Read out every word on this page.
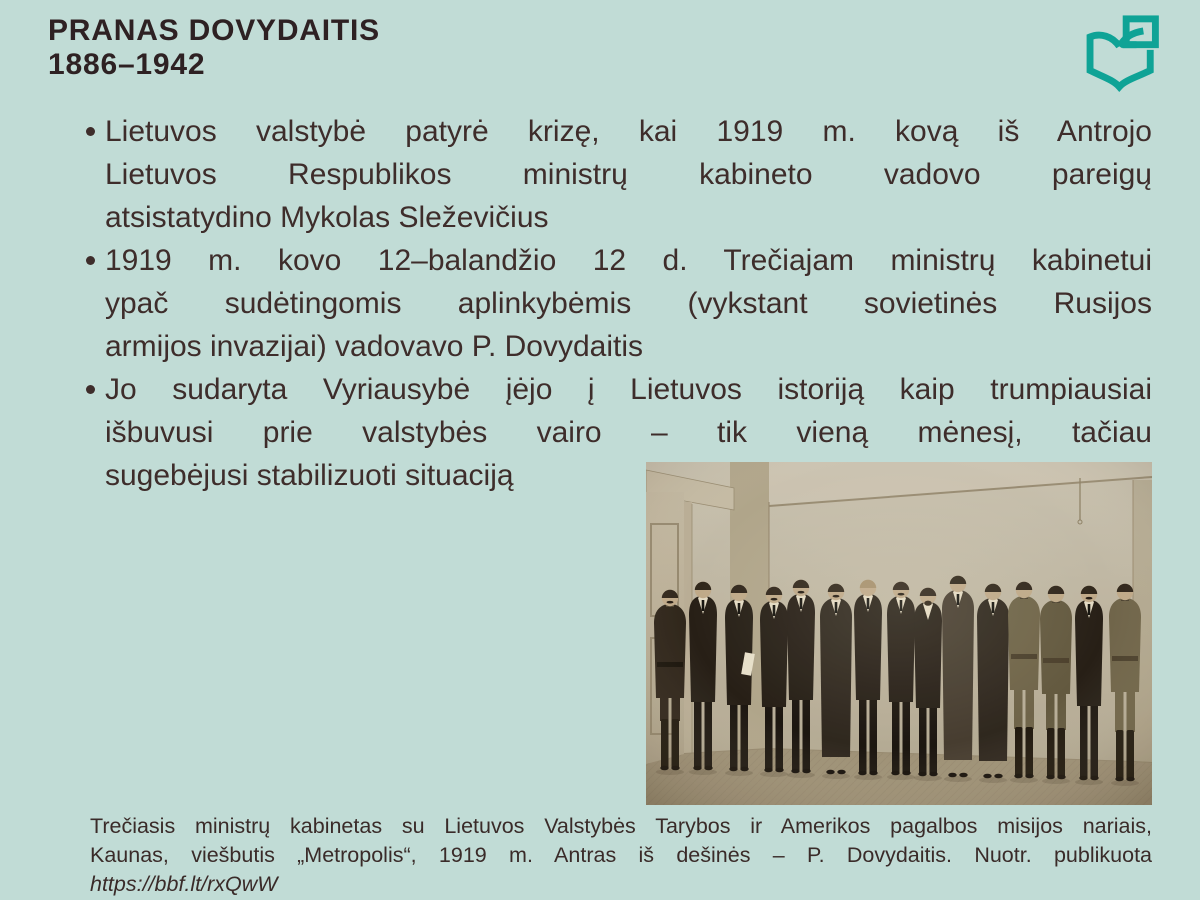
PRANAS DOVYDAITIS
1886–1942
Lietuvos valstybė patyrė krizę, kai 1919 m. kovą iš Antrojo
Lietuvos Respublikos ministrų kabineto vadovo pareigų
atsistatydino Mykolas Sleževičius
1919 m. kovo 12–balandžio 12 d. Trečiajam ministrų kabinetui
ypač sudėtingomis aplinkybėmis (vykstant sovietinės Rusijos
armijos invazijai) vadovavo P. Dovydaitis
Jo sudaryta Vyriausybė įėjo į Lietuvos istoriją kaip trumpiausiai
išbuvusi prie valstybės vairo – tik vieną mėnesį, tačiau
sugebėjusi stabilizuoti situaciją
Trečiasis ministrų kabinetas su Lietuvos Valstybės Tarybos ir Amerikos pagalbos misijos nariais,
Kaunas, viešbutis „Metropolis“, 1919 m. Antras iš dešinės – P. Dovydaitis. Nuotr. publikuota
https://bbf.lt/rxQwW
